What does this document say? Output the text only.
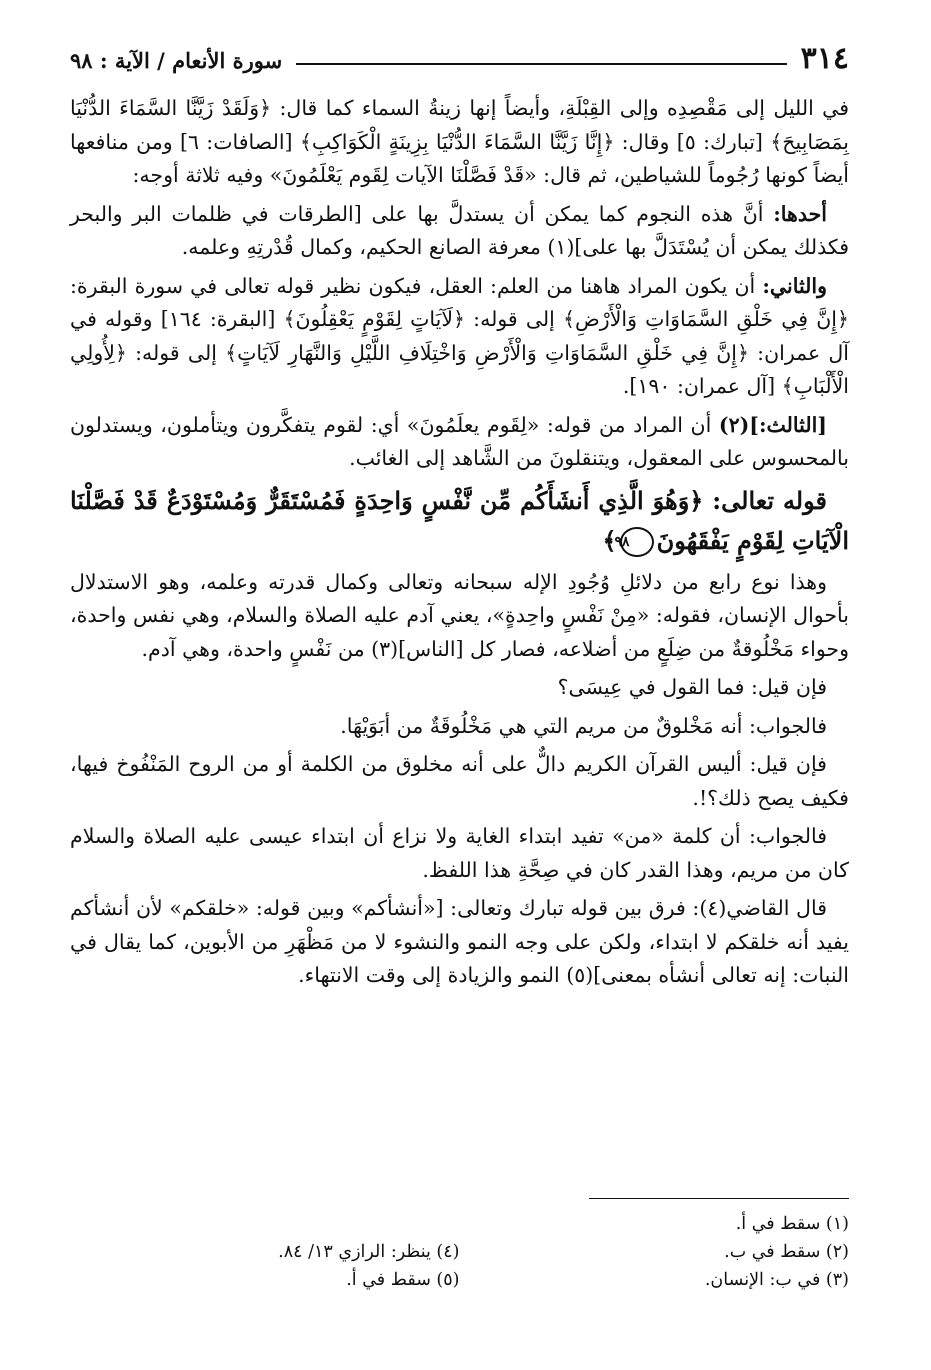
٣١٤
سورة الأنعام / الآية : ٩٨

في الليل إلى مَقْصِدِه وإلى القِبْلَةِ، وأيضاً إنها زينةُ السماء كما قال: ﴿وَلَقَدْ زَيَّنَّا السَّمَاءَ الدُّنْيَا بِمَصَابِيحَ﴾ [تبارك: ٥] وقال: ﴿إِنَّا زَيَّنَّا السَّمَاءَ الدُّنْيَا بِزِينَةٍ الْكَوَاكِبِ﴾ [الصافات: ٦] ومن منافعها أيضاً كونها رُجُوماً للشياطين، ثم قال: «قَدْ فَصَّلْنَا الآيات لِقَوم يَعْلَمُونَ» وفيه ثلاثة أوجه:

أحدها: أنَّ هذه النجوم كما يمكن أن يستدلَّ بها على [الطرقات في ظلمات البر والبحر فكذلك يمكن أن يُسْتَدَلَّ بها على](١) معرفة الصانع الحكيم، وكمال قُدْرتِهِ وعلمه.

والثاني: أن يكون المراد هاهنا من العلم: العقل، فيكون نظير قوله تعالى في سورة البقرة: ﴿إِنَّ فِي خَلْقِ السَّمَاوَاتِ وَالْأَرْضِ﴾ إلى قوله: ﴿لَآيَاتٍ لِقَوْمٍ يَعْقِلُونَ﴾ [البقرة: ١٦٤] وقوله في آل عمران: ﴿إِنَّ فِي خَلْقِ السَّمَاوَاتِ وَالْأَرْضِ وَاخْتِلَافِ اللَّيْلِ وَالنَّهَارِ لَآيَاتٍ﴾ إلى قوله: ﴿لِأُولِي الْأَلْبَابِ﴾ [آل عمران: ١٩٠].

[الثالث:](٢) أن المراد من قوله: «لِقَوم يعلَمُونَ» أي: لقوم يتفكَّرون ويتأملون، ويستدلون بالمحسوس على المعقول، ويتنقلونَ من الشَّاهد إلى الغائب.

قوله تعالى: ﴿وَهُوَ الَّذِي أَنشَأَكُم مِّن نَّفْسٍ وَاحِدَةٍ فَمُسْتَقَرٌّ وَمُسْتَوْدَعٌ قَدْ فَصَّلْنَا الْآيَاتِ لِقَوْمٍ يَفْقَهُونَ٩٨﴾

وهذا نوع رابع من دلائلِ وُجُودِ الإله سبحانه وتعالى وكمال قدرته وعلمه، وهو الاستدلال بأحوال الإنسان، فقوله: «مِنْ نَفْسٍ واحِدةٍ»، يعني آدم عليه الصلاة والسلام، وهي نفس واحدة، وحواء مَخْلُوقةٌ من ضِلَعٍ من أضلاعه، فصار كل [الناس](٣) من نَفْسٍ واحدة، وهي آدم.

فإن قيل: فما القول في عِيسَى؟

فالجواب: أنه مَخْلوقٌ من مريم التي هي مَخْلُوقَةٌ من أبَوَيْهَا.

فإن قيل: أليس القرآن الكريم دالٌّ على أنه مخلوق من الكلمة أو من الروح المَنْفُوخ فيها، فكيف يصح ذلك؟!.

فالجواب: أن كلمة «من» تفيد ابتداء الغاية ولا نزاع أن ابتداء عيسى عليه الصلاة والسلام كان من مريم، وهذا القدر كان في صِحَّةِ هذا اللفظ.

قال القاضي(٤): فرق بين قوله تبارك وتعالى: [«أنشأكم» وبين قوله: «خلقكم» لأن أنشأكم يفيد أنه خلقكم لا ابتداء، ولكن على وجه النمو والنشوء لا من مَظْهَرِ من الأبوين، كما يقال في النبات: إنه تعالى أنشأه بمعنى](٥) النمو والزيادة إلى وقت الانتهاء.

(١) سقط في أ.
(٢) سقط في ب.
(٣) في ب: الإنسان.
(٤) ينظر: الرازي ١٣/ ٨٤.
(٥) سقط في أ.
